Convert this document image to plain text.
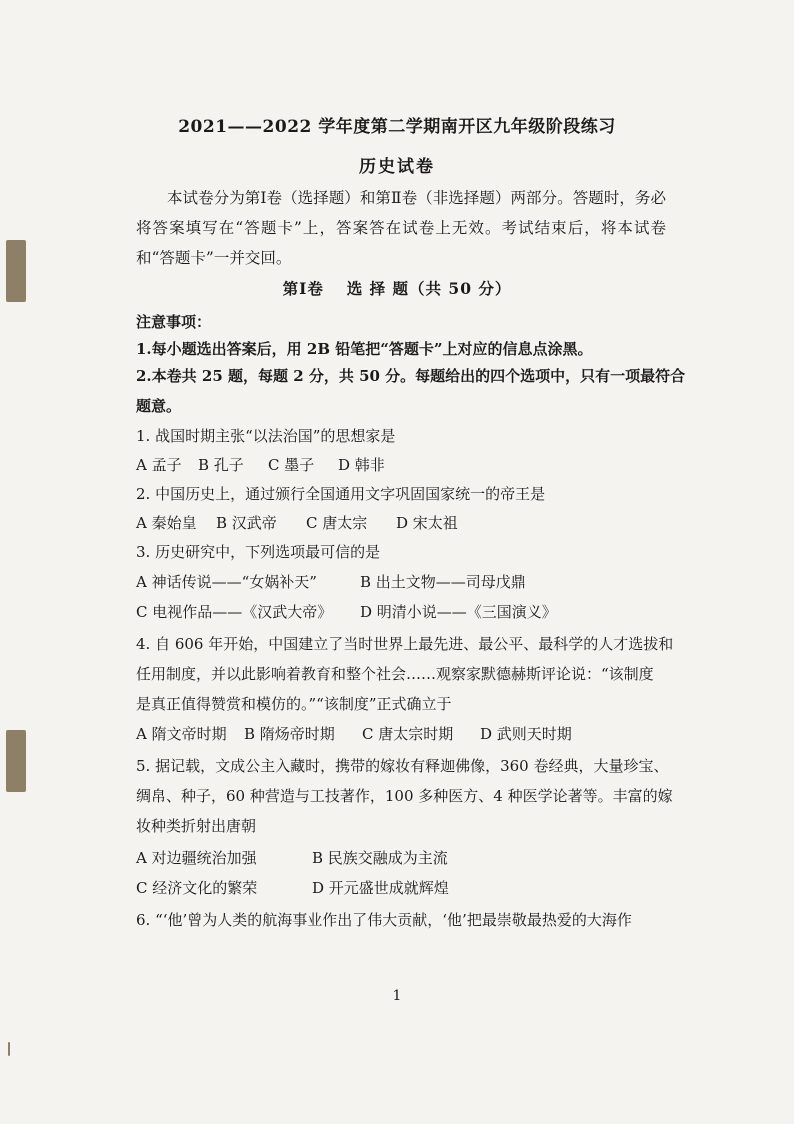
2021——2022 学年度第二学期南开区九年级阶段练习
历史试卷
本试卷分为第Ⅰ卷（选择题）和第Ⅱ卷（非选择题）两部分。答题时，务必将答案填写在“答题卡”上，答案答在试卷上无效。考试结束后，将本试卷和“答题卡”一并交回。
第Ⅰ卷　 选 择 题（共 50 分）
注意事项：
1.每小题选出答案后，用 2B 铅笔把“答题卡”上对应的信息点涂黑。
2.本卷共 25 题，每题 2 分，共 50 分。每题给出的四个选项中，只有一项最符合
题意。
1. 战国时期主张“以法治国”的思想家是
A 孟子 B 孔子 C 墨子 D 韩非
2. 中国历史上，通过颁行全国通用文字巩固国家统一的帝王是
A 秦始皇 B 汉武帝 C 唐太宗 D 宋太祖
3. 历史研究中，下列选项最可信的是
A 神话传说——“女娲补天”	B 出土文物——司母戊鼎
C 电视作品——《汉武大帝》 D 明清小说——《三国演义》
4. 自 606 年开始，中国建立了当时世界上最先进、最公平、最科学的人才选拔和
任用制度，并以此影响着教育和整个社会……观察家默德赫斯评论说：“该制度
是真正值得赞赏和模仿的。”“该制度”正式确立于
A 隋文帝时期 B 隋炀帝时期 C 唐太宗时期 D 武则天时期
5. 据记载，文成公主入藏时，携带的嫁妆有释迦佛像，360 卷经典，大量珍宝、
绸帛、种子，60 种营造与工技著作，100 多种医方、4 种医学论著等。丰富的嫁
妆种类折射出唐朝
A 对边疆统治加强	B 民族交融成为主流
C 经济文化的繁荣	D 开元盛世成就辉煌
6. “‘他’曾为人类的航海事业作出了伟大贡献，‘他’把最崇敬最热爱的大海作
1
